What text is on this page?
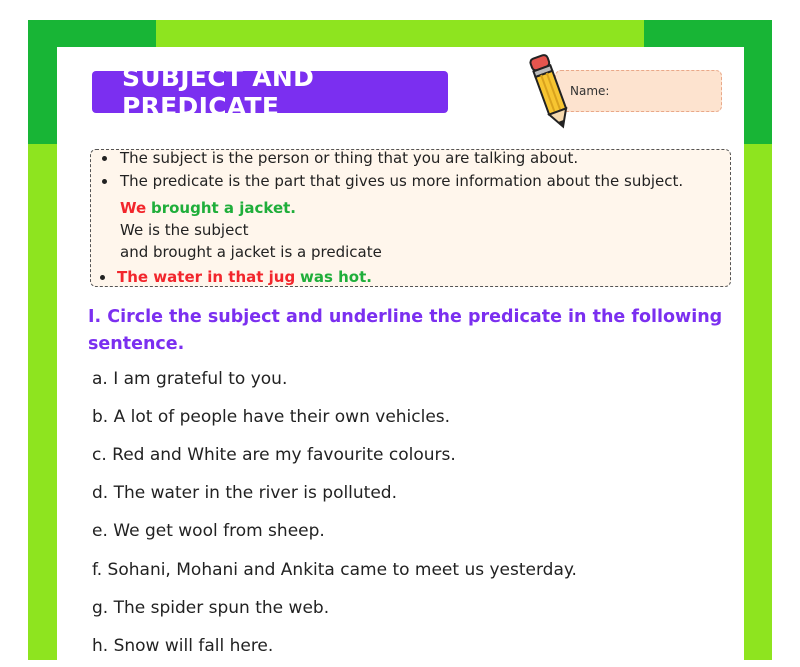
SUBJECT AND PREDICATE
Name:
The subject is the person or thing that you are talking about.
The predicate is the part that gives us more information about the subject.
We brought a jacket.
We is the subject
and brought a jacket is a predicate
The water in that jug was hot.
I. Circle the subject and underline the predicate in the following sentence.
a. I am grateful to you.
b. A lot of people have their own vehicles.
c. Red and White are my favourite colours.
d. The water in the river is polluted.
e. We get wool from sheep.
f. Sohani, Mohani and Ankita came to meet us yesterday.
g. The spider spun the web.
h. Snow will fall here.
